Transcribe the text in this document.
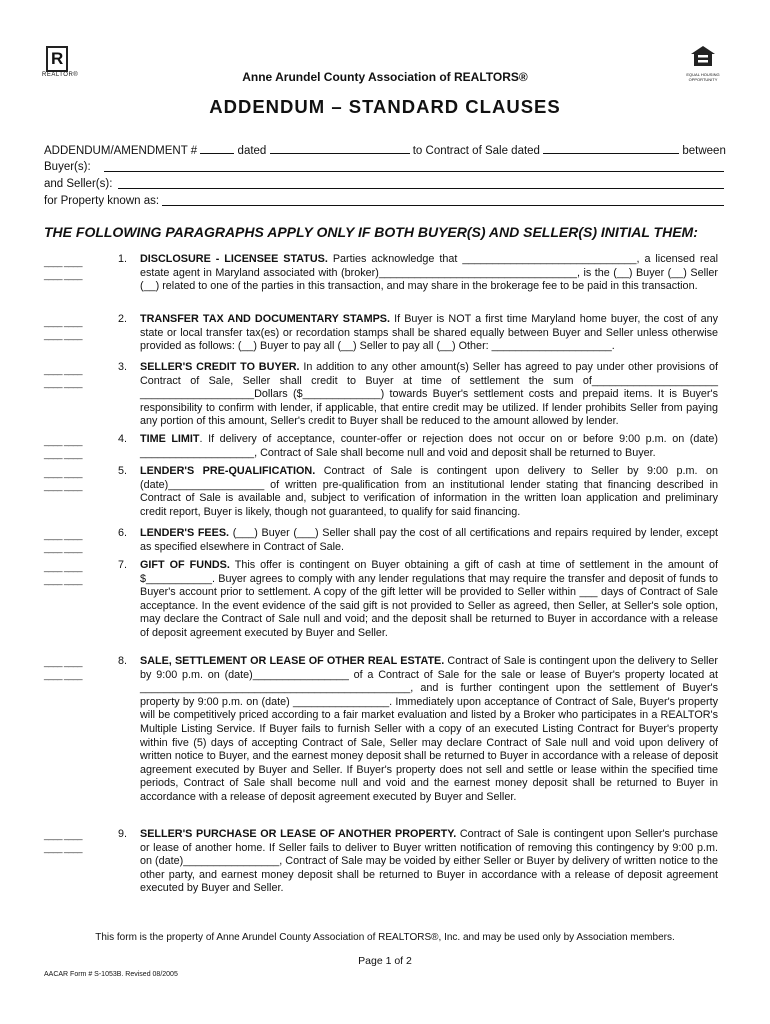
R
REALTOR®	EQUAL HOUSING OPPORTUNITY
Anne Arundel County Association of REALTORS®
ADDENDUM – STANDARD CLAUSES
ADDENDUM/AMENDMENT #	dated	to Contract of Sale dated	between
Buyer(s):
and Seller(s):
for Property known as:
THE FOLLOWING PARAGRAPHS APPLY ONLY IF BOTH BUYER(S) AND SELLER(S) INITIAL THEM:
____ ____
____ ____
____ ____
____ ____
____ ____
____ ____
____ ____
____ ____
____ ____
____ ____
____ ____
____ ____
____ ____
____ ____
____ ____
____ ____
____ ____
____ ____
1. DISCLOSURE - LICENSEE STATUS. Parties acknowledge that _____________________________, a licensed real estate agent in Maryland associated with (broker)_________________________________, is the (__) Buyer (__) Seller (__) related to one of the parties in this transaction, and may share in the brokerage fee to be paid in this transaction.
2. TRANSFER TAX AND DOCUMENTARY STAMPS. If Buyer is NOT a first time Maryland home buyer, the cost of any state or local transfer tax(es) or recordation stamps shall be shared equally between Buyer and Seller unless otherwise provided as follows: (__) Buyer to pay all (__) Seller to pay all (__) Other: ____________________.
3. SELLER'S CREDIT TO BUYER. In addition to any other amount(s) Seller has agreed to pay under other provisions of Contract of Sale, Seller shall credit to Buyer at time of settlement the sum of_____________________ ___________________Dollars ($_____________) towards Buyer's settlement costs and prepaid items. It is Buyer's responsibility to confirm with lender, if applicable, that entire credit may be utilized. If lender prohibits Seller from paying any portion of this amount, Seller's credit to Buyer shall be reduced to the amount allowed by lender.
4. TIME LIMIT. If delivery of acceptance, counter-offer or rejection does not occur on or before 9:00 p.m. on (date) ___________________, Contract of Sale shall become null and void and deposit shall be returned to Buyer.
5. LENDER'S PRE-QUALIFICATION. Contract of Sale is contingent upon delivery to Seller by 9:00 p.m. on (date)________________ of written pre-qualification from an institutional lender stating that financing described in Contract of Sale is available and, subject to verification of information in the written loan application and preliminary credit report, Buyer is likely, though not guaranteed, to qualify for said financing.
6. LENDER'S FEES. (___) Buyer (___) Seller shall pay the cost of all certifications and repairs required by lender, except as specified elsewhere in Contract of Sale.
7. GIFT OF FUNDS. This offer is contingent on Buyer obtaining a gift of cash at time of settlement in the amount of $___________. Buyer agrees to comply with any lender regulations that may require the transfer and deposit of funds to Buyer's account prior to settlement. A copy of the gift letter will be provided to Seller within ___ days of Contract of Sale acceptance. In the event evidence of the said gift is not provided to Seller as agreed, then Seller, at Seller's sole option, may declare the Contract of Sale null and void; and the deposit shall be returned to Buyer in accordance with a release of deposit agreement executed by Buyer and Seller.
8. SALE, SETTLEMENT OR LEASE OF OTHER REAL ESTATE. Contract of Sale is contingent upon the delivery to Seller by 9:00 p.m. on (date)________________ of a Contract of Sale for the sale or lease of Buyer's property located at _____________________________________________, and is further contingent upon the settlement of Buyer's property by 9:00 p.m. on (date) ________________. Immediately upon acceptance of Contract of Sale, Buyer's property will be competitively priced according to a fair market evaluation and listed by a Broker who participates in a REALTOR's Multiple Listing Service. If Buyer fails to furnish Seller with a copy of an executed Listing Contract for Buyer's property within five (5) days of accepting Contract of Sale, Seller may declare Contract of Sale null and void upon delivery of written notice to Buyer, and the earnest money deposit shall be returned to Buyer in accordance with a release of deposit agreement executed by Buyer and Seller. If Buyer's property does not sell and settle or lease within the specified time periods, Contract of Sale shall become null and void and the earnest money deposit shall be returned to Buyer in accordance with a release of deposit agreement executed by Buyer and Seller.
9. SELLER'S PURCHASE OR LEASE OF ANOTHER PROPERTY. Contract of Sale is contingent upon Seller's purchase or lease of another home. If Seller fails to deliver to Buyer written notification of removing this contingency by 9:00 p.m. on (date)________________, Contract of Sale may be voided by either Seller or Buyer by delivery of written notice to the other party, and earnest money deposit shall be returned to Buyer in accordance with a release of deposit agreement executed by Buyer and Seller.
This form is the property of Anne Arundel County Association of REALTORS®, Inc. and may be used only by Association members.
Page 1 of 2
AACAR Form # S-1053B. Revised 08/2005
